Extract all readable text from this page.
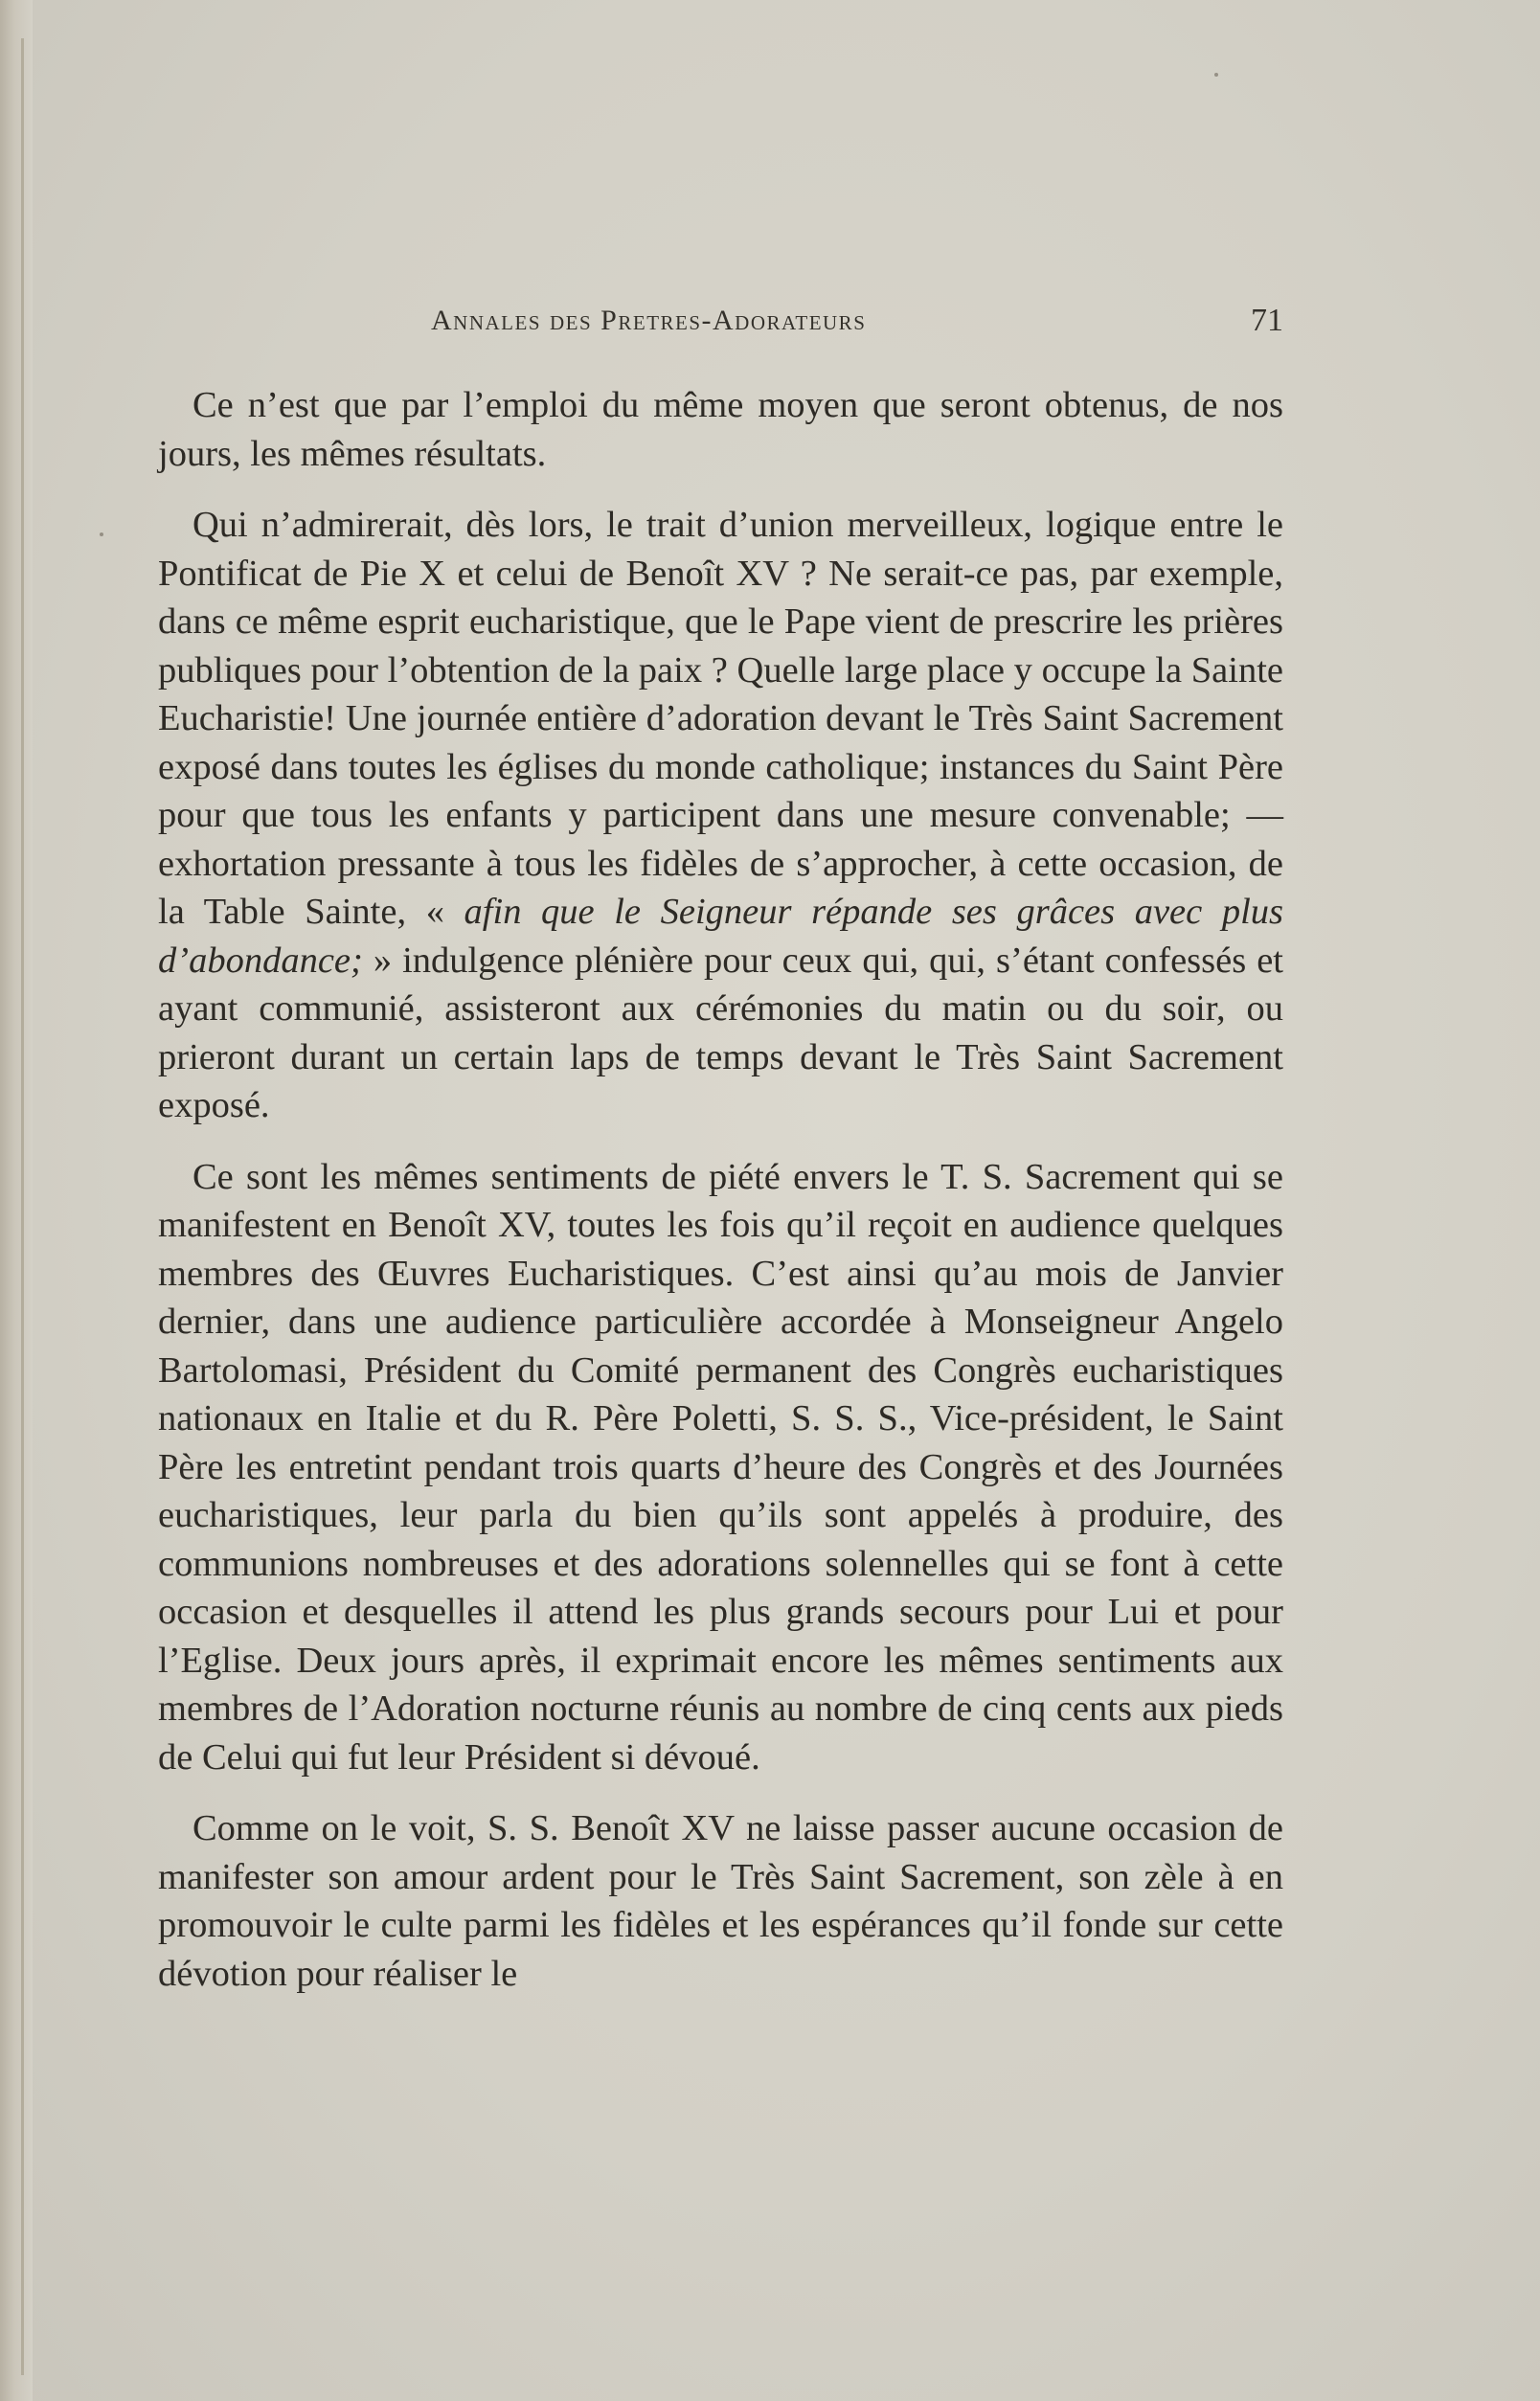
Annales des Pretres-Adorateurs	71

Ce n’est que par l’emploi du même moyen que seront obtenus, de nos jours, les mêmes résultats.

Qui n’admirerait, dès lors, le trait d’union merveilleux, logique entre le Pontificat de Pie X et celui de Benoît XV ? Ne serait-ce pas, par exemple, dans ce même esprit eucharistique, que le Pape vient de prescrire les prières publiques pour l’obtention de la paix ? Quelle large place y occupe la Sainte Eucharistie! Une journée entière d’adoration devant le Très Saint Sacrement exposé dans toutes les églises du monde catholique; instances du Saint Père pour que tous les enfants y participent dans une mesure convenable; — exhortation pressante à tous les fidèles de s’approcher, à cette occasion, de la Table Sainte, « afin que le Seigneur répande ses grâces avec plus d’abondance; » indulgence plénière pour ceux qui, qui, s’étant confessés et ayant communié, assisteront aux cérémonies du matin ou du soir, ou prieront durant un certain laps de temps devant le Très Saint Sacrement exposé.

Ce sont les mêmes sentiments de piété envers le T. S. Sacrement qui se manifestent en Benoît XV, toutes les fois qu’il reçoit en audience quelques membres des Œuvres Eucharistiques. C’est ainsi qu’au mois de Janvier dernier, dans une audience particulière accordée à Monseigneur Angelo Bartolomasi, Président du Comité permanent des Congrès eucharistiques nationaux en Italie et du R. Père Poletti, S. S. S., Vice-président, le Saint Père les entretint pendant trois quarts d’heure des Congrès et des Journées eucharistiques, leur parla du bien qu’ils sont appelés à produire, des communions nombreuses et des adorations solennelles qui se font à cette occasion et desquelles il attend les plus grands secours pour Lui et pour l’Eglise. Deux jours après, il exprimait encore les mêmes sentiments aux membres de l’Adoration nocturne réunis au nombre de cinq cents aux pieds de Celui qui fut leur Président si dévoué.

Comme on le voit, S. S. Benoît XV ne laisse passer aucune occasion de manifester son amour ardent pour le Très Saint Sacrement, son zèle à en promouvoir le culte parmi les fidèles et les espérances qu’il fonde sur cette dévotion pour réaliser le
